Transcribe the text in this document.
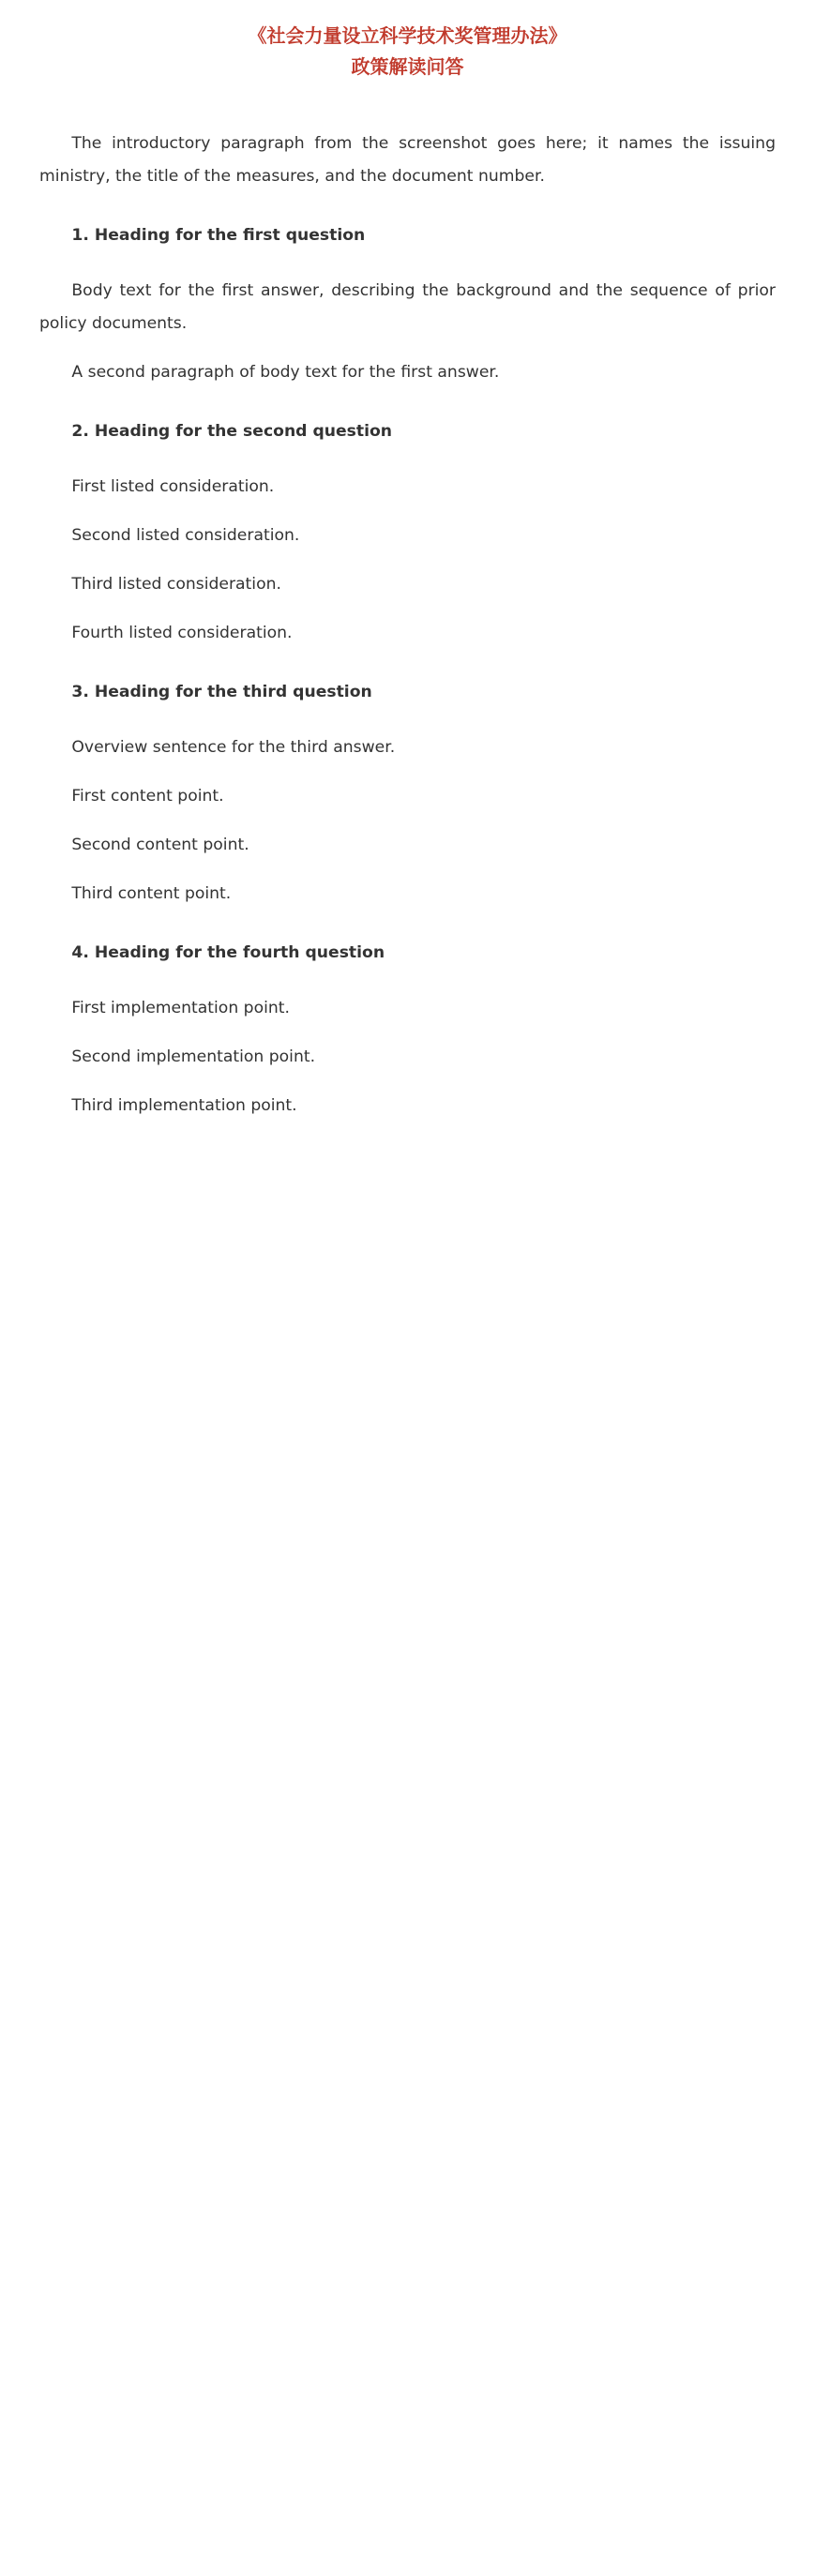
《社会力量设立科学技术奖管理办法》

政策解读问答

The introductory paragraph from the screenshot goes here; it names the issuing ministry, the title of the measures, and the document number.

1. Heading for the first question

Body text for the first answer, describing the background and the sequence of prior policy documents.

A second paragraph of body text for the first answer.

2. Heading for the second question

First listed consideration.

Second listed consideration.

Third listed consideration.

Fourth listed consideration.

3. Heading for the third question

Overview sentence for the third answer.

First content point.

Second content point.

Third content point.

4. Heading for the fourth question

First implementation point.

Second implementation point.

Third implementation point.
